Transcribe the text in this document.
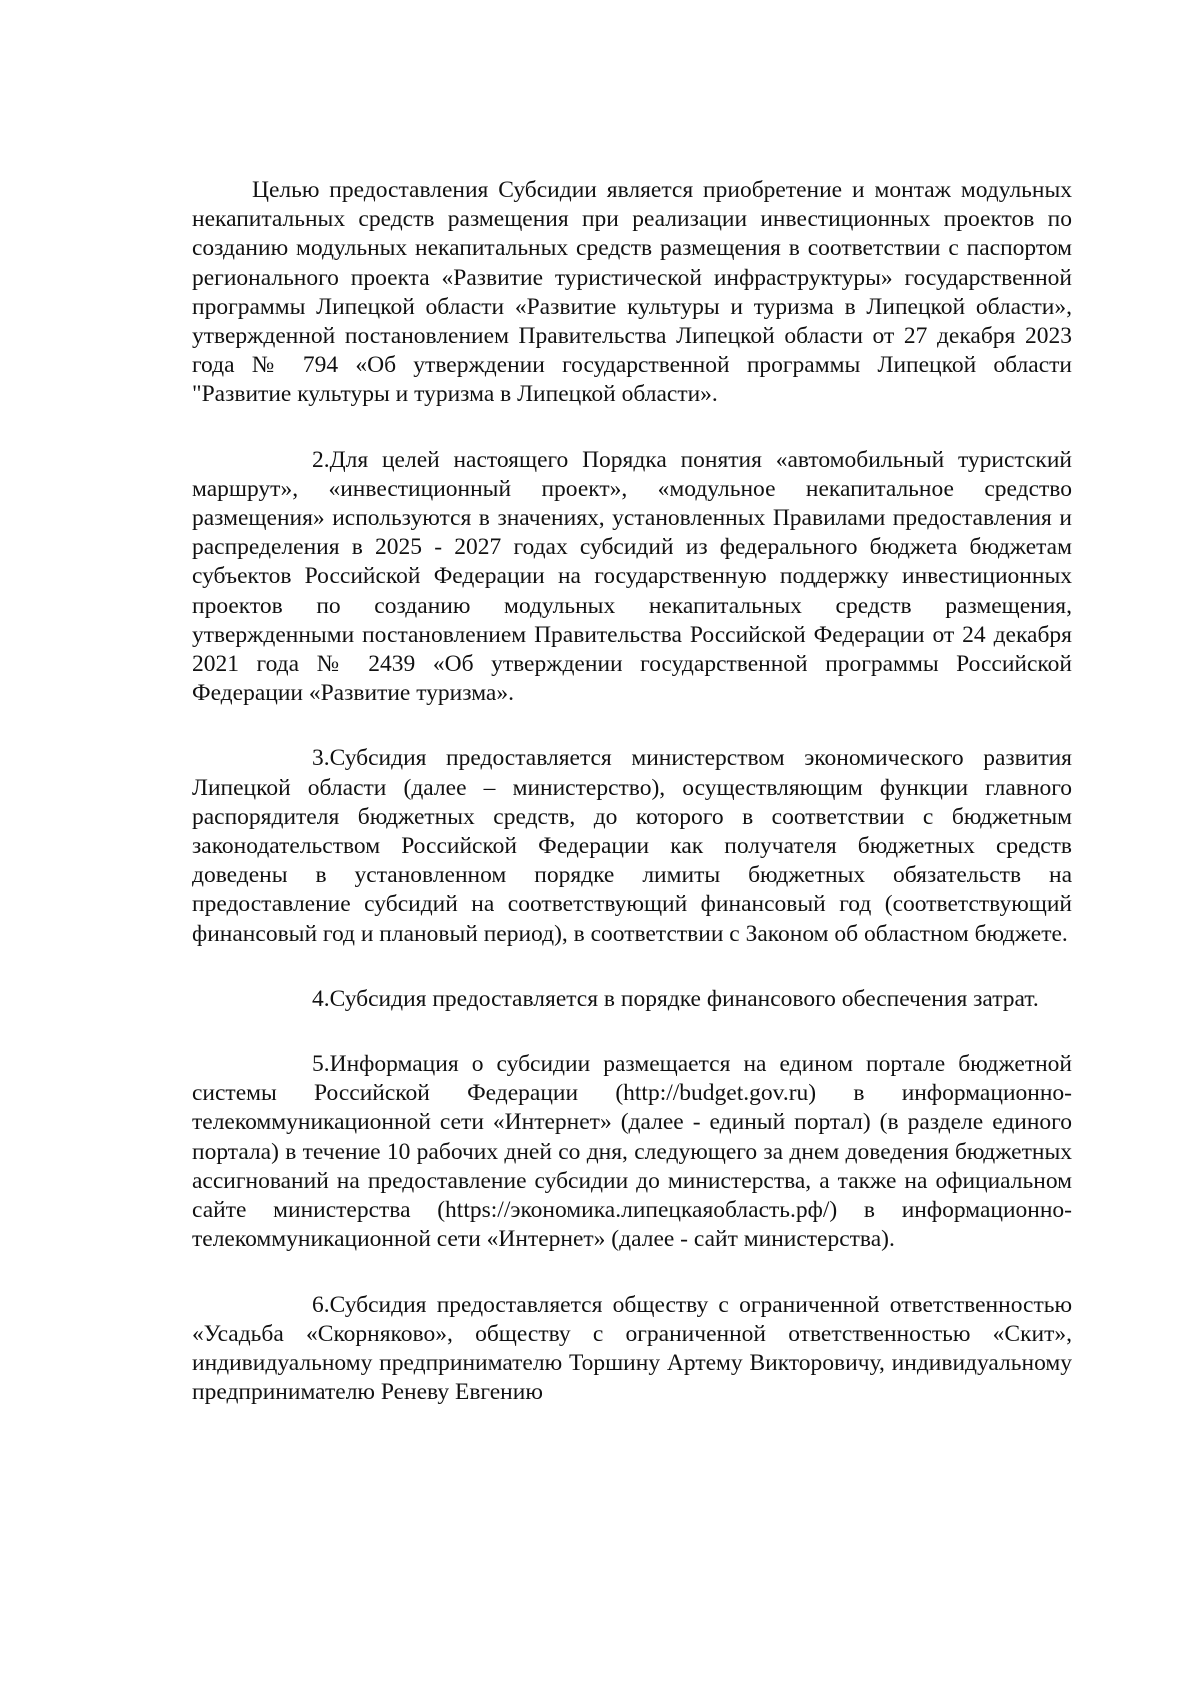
Целью предоставления Субсидии является приобретение и монтаж модульных некапитальных средств размещения при реализации инвестиционных проектов по созданию модульных некапитальных средств размещения в соответствии с паспортом регионального проекта «Развитие туристической инфраструктуры» государственной программы Липецкой области «Развитие культуры и туризма в Липецкой области», утвержденной постановлением Правительства Липецкой области от 27 декабря 2023 года № 794 «Об утверждении государственной программы Липецкой области "Развитие культуры и туризма в Липецкой области».

2.Для целей настоящего Порядка понятия «автомобильный туристский маршрут», «инвестиционный проект», «модульное некапитальное средство размещения» используются в значениях, установленных Правилами предоставления и распределения в 2025 - 2027 годах субсидий из федерального бюджета бюджетам субъектов Российской Федерации на государственную поддержку инвестиционных проектов по созданию модульных некапитальных средств размещения, утвержденными постановлением Правительства Российской Федерации от 24 декабря 2021 года № 2439 «Об утверждении государственной программы Российской Федерации «Развитие туризма».

3.Субсидия предоставляется министерством экономического развития Липецкой области (далее – министерство), осуществляющим функции главного распорядителя бюджетных средств, до которого в соответствии с бюджетным законодательством Российской Федерации как получателя бюджетных средств доведены в установленном порядке лимиты бюджетных обязательств на предоставление субсидий на соответствующий финансовый год (соответствующий финансовый год и плановый период), в соответствии с Законом об областном бюджете.

4.Субсидия предоставляется в порядке финансового обеспечения затрат.

5.Информация о субсидии размещается на едином портале бюджетной системы Российской Федерации (http://budget.gov.ru) в информационно-телекоммуникационной сети «Интернет» (далее - единый портал) (в разделе единого портала) в течение 10 рабочих дней со дня, следующего за днем доведения бюджетных ассигнований на предоставление субсидии до министерства, а также на официальном сайте министерства (https://экономика.липецкаяобласть.рф/) в информационно-телекоммуникационной сети «Интернет» (далее - сайт министерства).

6.Субсидия предоставляется обществу с ограниченной ответственностью «Усадьба «Скорняково», обществу с ограниченной ответственностью «Скит», индивидуальному предпринимателю Торшину Артему Викторовичу, индивидуальному предпринимателю Реневу Евгению
